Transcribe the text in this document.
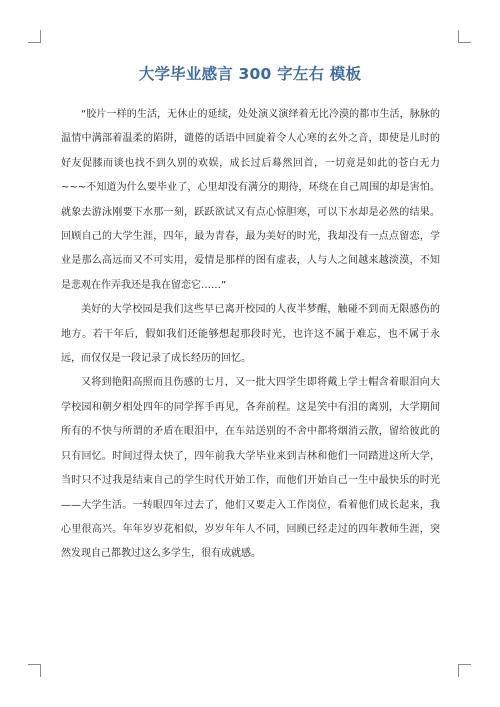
大学毕业感言 300 字左右 模板

“胶片一样的生活，无休止的延续，处处演义演绎着无比冷漠的都市生活，脉脉的温情中满部着温柔的陷阱，谴倦的话语中回旋着令人心寒的玄外之音，即使是儿时的好友促膝而谈也找不到久别的欢娱，成长过后蓦然回首，一切竟是如此的苍白无力~~~不知道为什么要毕业了，心里却没有满分的期待，环绕在自己周围的却是害怕。就象去游泳刚要下水那一刻，跃跃欲试又有点心惊胆寒，可以下水却是必然的结果。回顾自己的大学生涯，四年，最为青春，最为美好的时光，我却没有一点点留恋，学业是那么高远而又不可实用，爱情是那样的图有虚表，人与人之间越来越淡漠，不知是悲观在作弄我还是我在留恋它……”

美好的大学校园是我们这些早已离开校园的人夜半梦醒，触碰不到而无限感伤的地方。若干年后，假如我们还能够想起那段时光，也许这不属于难忘，也不属于永远，而仅仅是一段记录了成长经历的回忆。

又将到艳阳高照而且伤感的七月，又一批大四学生即将戴上学士帽含着眼泪向大学校园和朝夕相处四年的同学挥手再见，各奔前程。这是笑中有泪的离别，大学期间所有的不快与所谓的矛盾在眼泪中，在车站送别的不舍中都将烟消云散，留给彼此的只有回忆。时间过得太快了，四年前我大学毕业来到吉林和他们一同踏进这所大学，当时只不过我是结束自己的学生时代开始工作，而他们开始自己一生中最快乐的时光——大学生活。一转眼四年过去了，他们又要走入工作岗位，看着他们成长起来，我心里很高兴。年年岁岁花相似，岁岁年年人不同，回顾已经走过的四年教师生涯，突然发现自己都教过这么多学生，很有成就感。
